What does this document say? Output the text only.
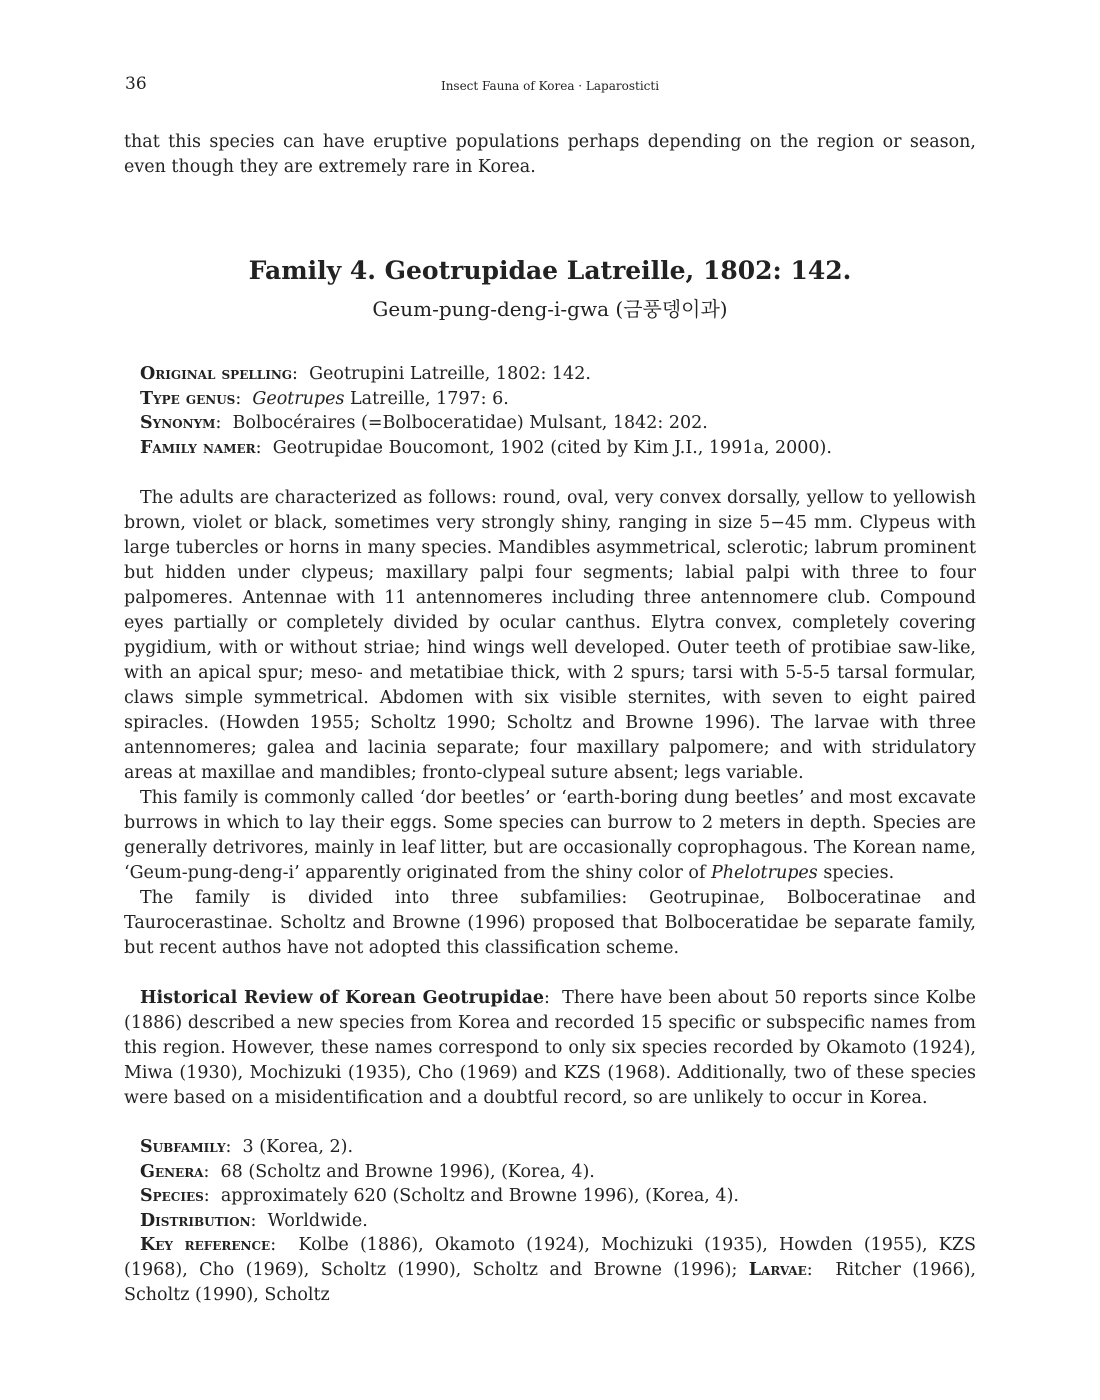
36	Insect Fauna of Korea · Laparosticti

that this species can have eruptive populations perhaps depending on the region or season, even though they are extremely rare in Korea.

Family 4. Geotrupidae Latreille, 1802: 142.
Geum-pung-deng-i-gwa (금풍뎅이과)

Original spelling:  Geotrupini Latreille, 1802: 142.

Type genus:  Geotrupes Latreille, 1797: 6.

Synonym:  Bolbocéraires (=Bolboceratidae) Mulsant, 1842: 202.

Family namer:  Geotrupidae Boucomont, 1902 (cited by Kim J.I., 1991a, 2000).

The adults are characterized as follows: round, oval, very convex dorsally, yellow to yellowish brown, violet or black, sometimes very strongly shiny, ranging in size 5−45 mm. Clypeus with large tubercles or horns in many species. Mandibles asymmetrical, sclerotic; labrum prominent but hidden under clypeus; maxillary palpi four segments; labial palpi with three to four palpomeres. Antennae with 11 antennomeres including three antennomere club. Compound eyes partially or completely divided by ocular canthus. Elytra convex, completely covering pygidium, with or without striae; hind wings well developed. Outer teeth of protibiae saw-like, with an apical spur; meso- and metatibiae thick, with 2 spurs; tarsi with 5-5-5 tarsal formular, claws simple symmetrical. Abdomen with six visible sternites, with seven to eight paired spiracles. (Howden 1955; Scholtz 1990; Scholtz and Browne 1996). The larvae with three antennomeres; galea and lacinia separate; four maxillary palpomere; and with stridulatory areas at maxillae and mandibles; fronto-clypeal suture absent; legs variable.

This family is commonly called ‘dor beetles’ or ‘earth-boring dung beetles’ and most excavate burrows in which to lay their eggs. Some species can burrow to 2 meters in depth. Species are generally detrivores, mainly in leaf litter, but are occasionally coprophagous. The Korean name, ‘Geum-pung-deng-i’ apparently originated from the shiny color of Phelotrupes species.

The family is divided into three subfamilies: Geotrupinae, Bolboceratinae and Taurocerastinae. Scholtz and Browne (1996) proposed that Bolboceratidae be separate family, but recent authos have not adopted this classification scheme.

Historical Review of Korean Geotrupidae:  There have been about 50 reports since Kolbe (1886) described a new species from Korea and recorded 15 specific or subspecific names from this region. However, these names correspond to only six species recorded by Okamoto (1924), Miwa (1930), Mochizuki (1935), Cho (1969) and KZS (1968). Additionally, two of these species were based on a misidentification and a doubtful record, so are unlikely to occur in Korea.

Subfamily:  3 (Korea, 2).

Genera:  68 (Scholtz and Browne 1996), (Korea, 4).

Species:  approximately 620 (Scholtz and Browne 1996), (Korea, 4).

Distribution:  Worldwide.

Key reference:  Kolbe (1886), Okamoto (1924), Mochizuki (1935), Howden (1955), KZS (1968), Cho (1969), Scholtz (1990), Scholtz and Browne (1996); Larvae:  Ritcher (1966), Scholtz (1990), Scholtz
